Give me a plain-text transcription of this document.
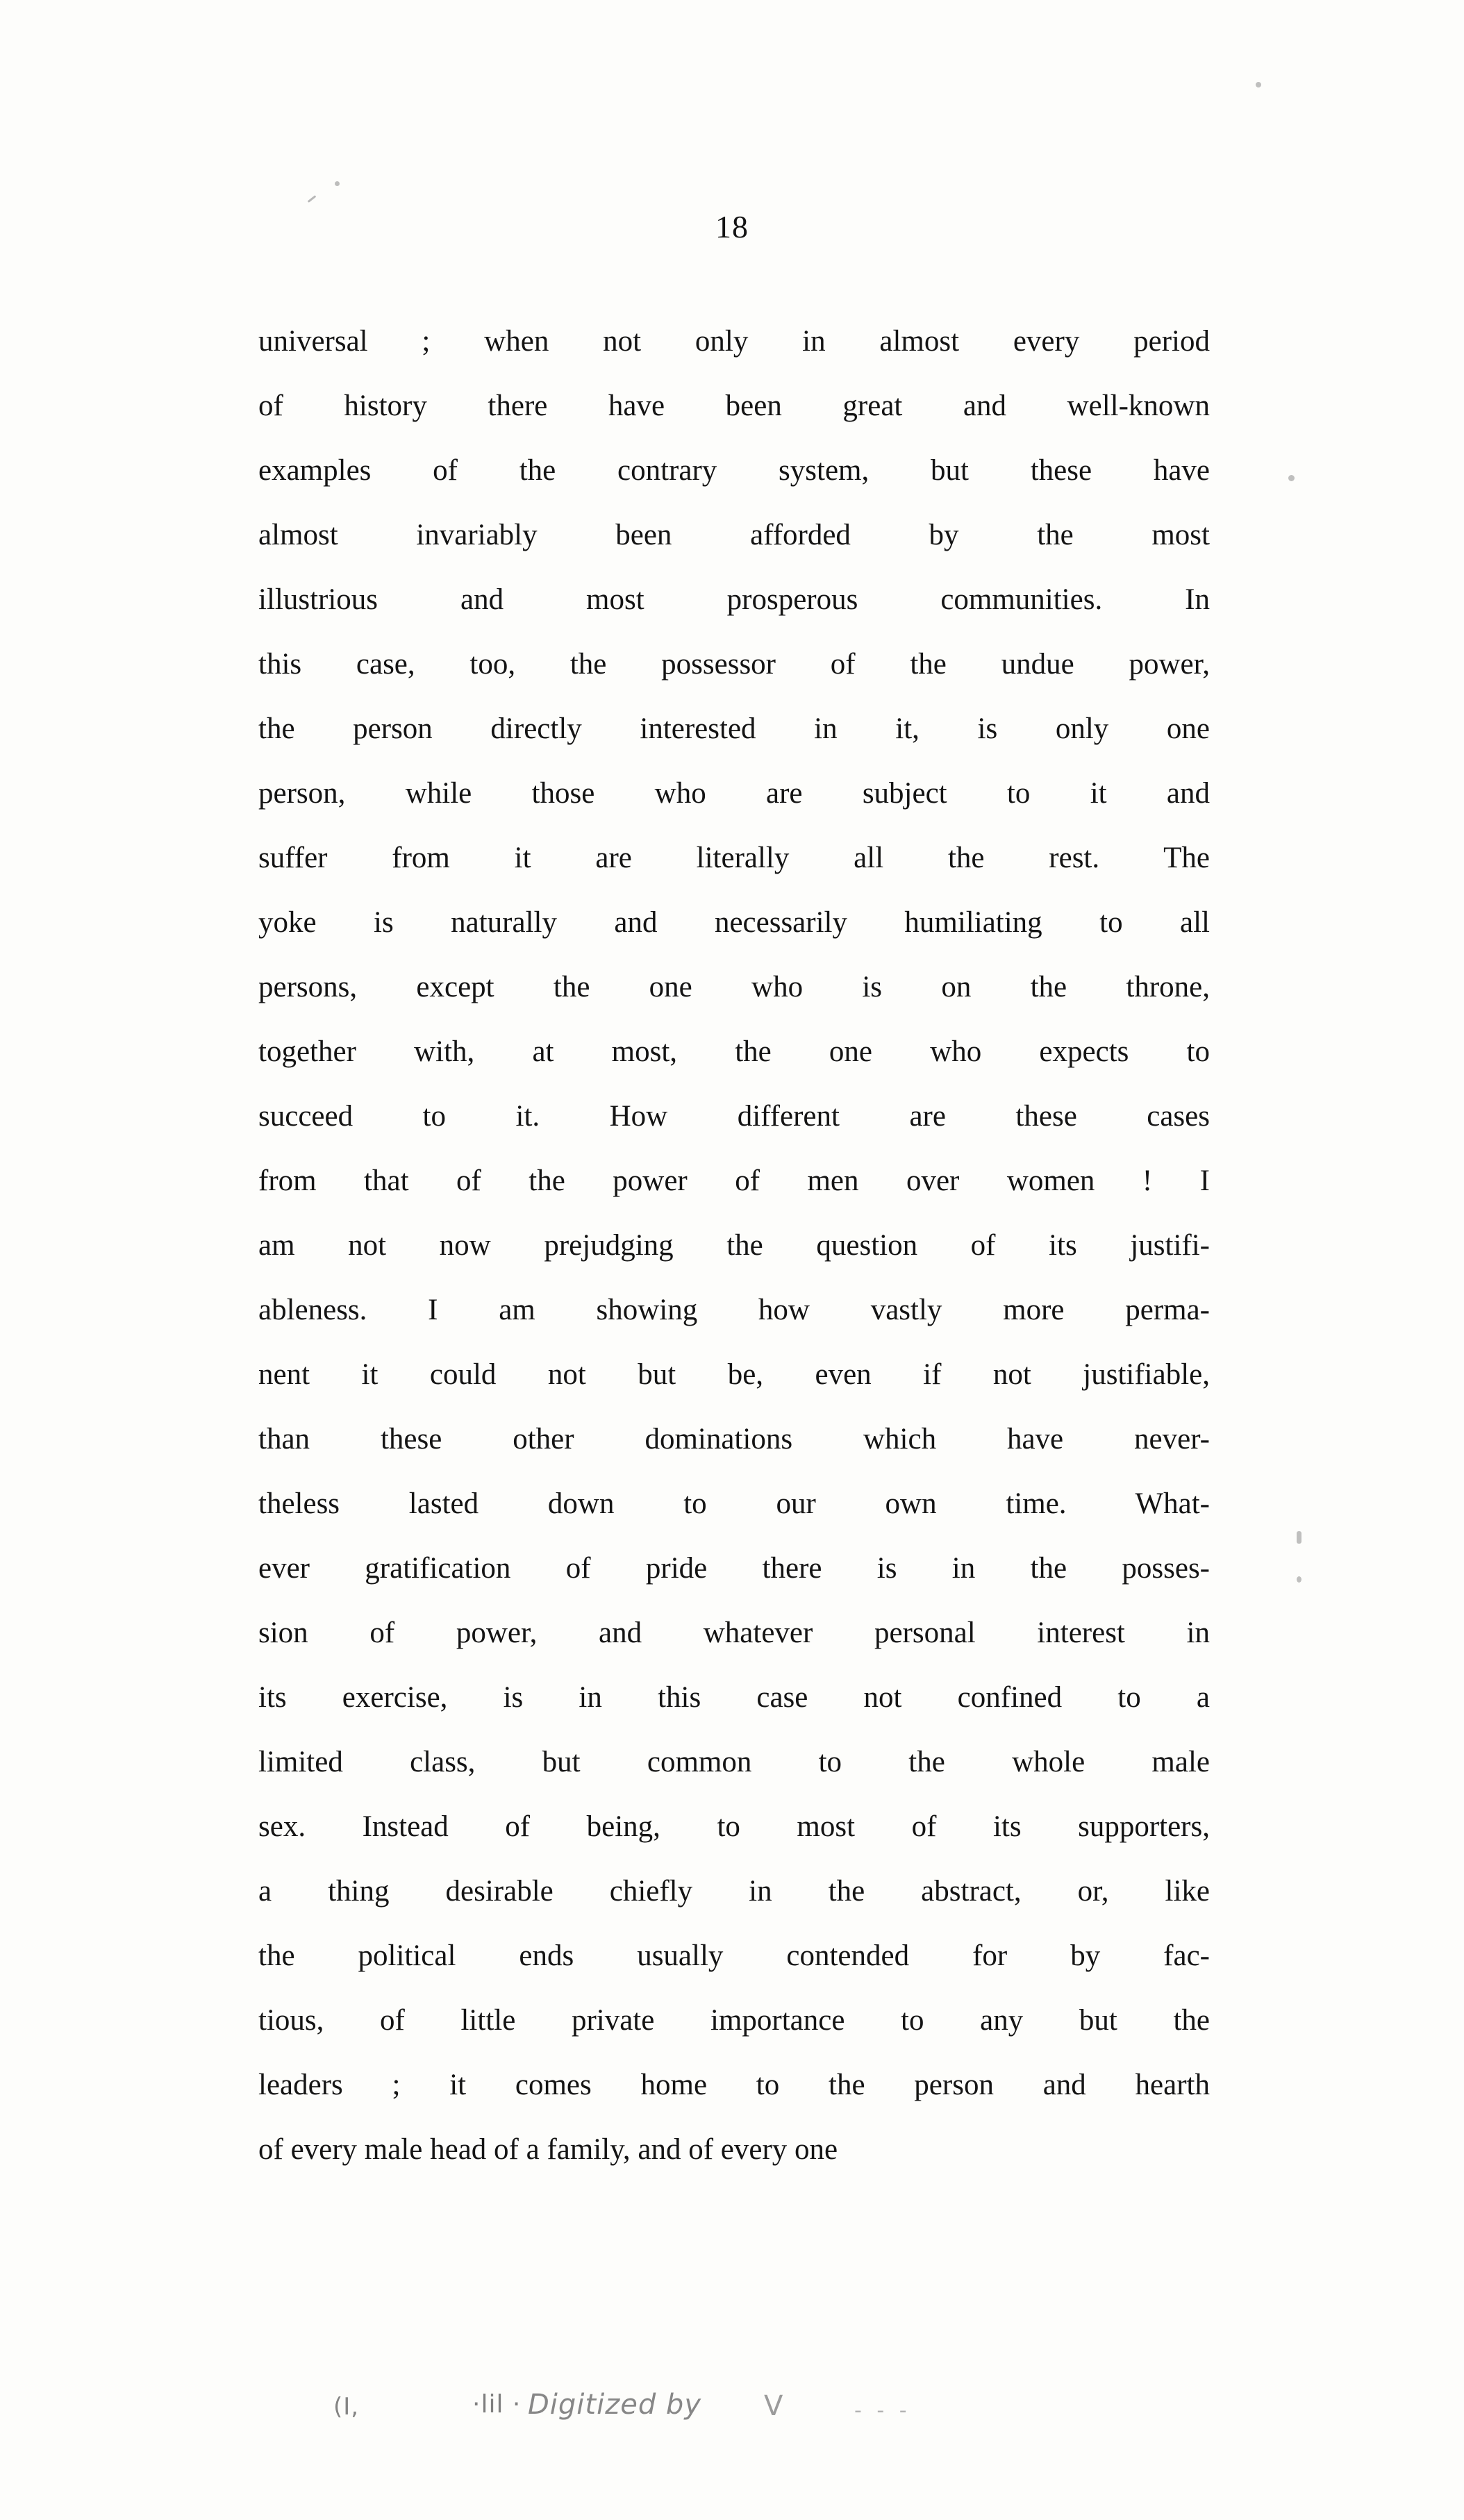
18

universal ; when not only in almost every period
of history there have been great and well-known
examples of the contrary system, but these have
almost invariably been afforded by the most
illustrious and most prosperous communities. In
this case, too, the possessor of the undue power,
the person directly interested in it, is only one
person, while those who are subject to it and
suffer from it are literally all the rest. The
yoke is naturally and necessarily humiliating to all
persons, except the one who is on the throne,
together with, at most, the one who expects to
succeed to it. How different are these cases
from that of the power of men over women ! I
am not now prejudging the question of its justifi-
ableness. I am showing how vastly more perma-
nent it could not but be, even if not justifiable,
than these other dominations which have never-
theless lasted down to our own time. What-
ever gratification of pride there is in the posses-
sion of power, and whatever personal interest in
its exercise, is in this case not confined to a
limited class, but common to the whole male
sex. Instead of being, to most of its supporters,
a thing desirable chiefly in the abstract, or, like
the political ends usually contended for by fac-
tious, of little private importance to any but the
leaders ; it comes home to the person and hearth
of every male head of a family, and of every one

(I,	·lil · Digitized by V	- - -
